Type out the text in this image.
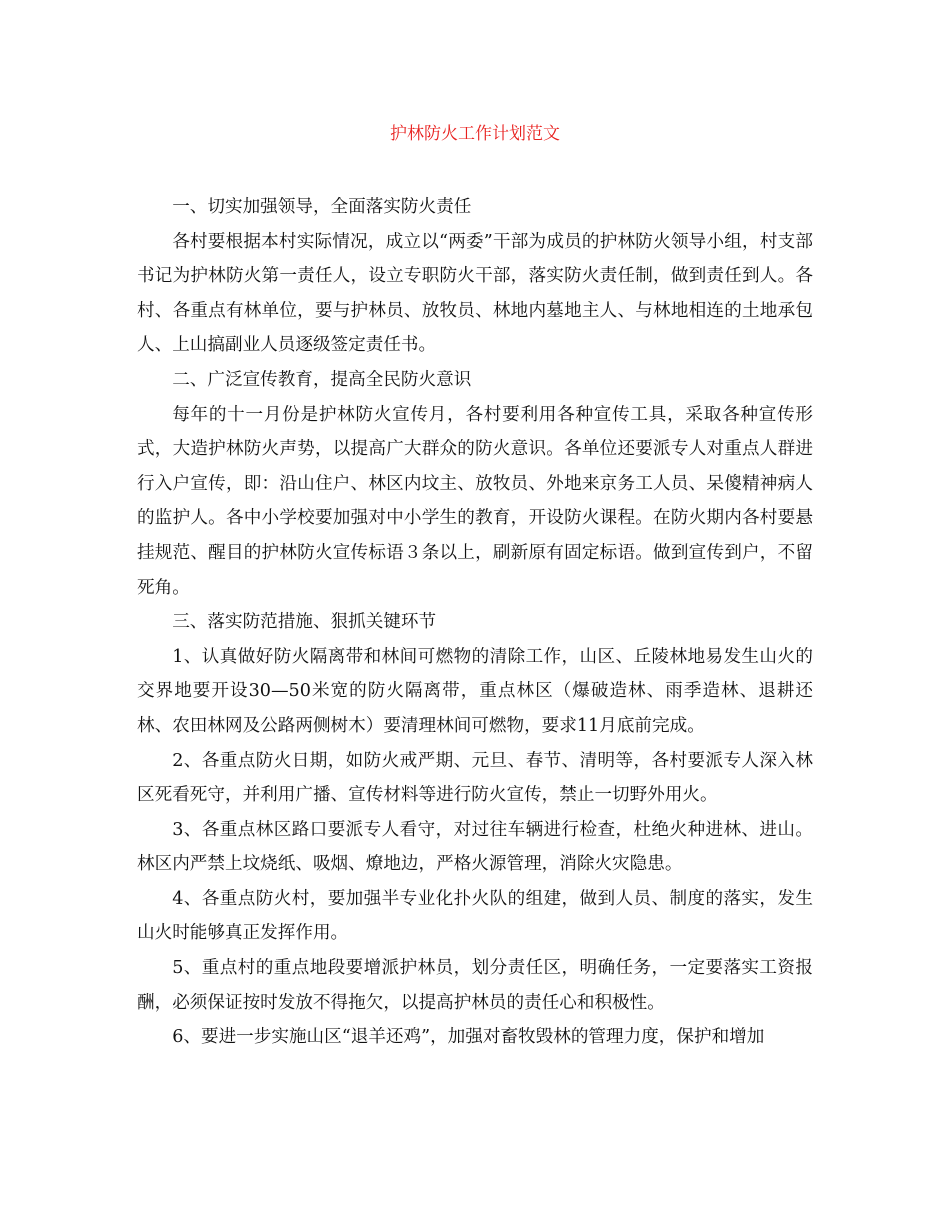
护林防火工作计划范文

一、切实加强领导，全面落实防火责任

各村要根据本村实际情况，成立以“两委”干部为成员的护林防火领导小组，村支部书记为护林防火第一责任人，设立专职防火干部，落实防火责任制，做到责任到人。各村、各重点有林单位，要与护林员、放牧员、林地内墓地主人、与林地相连的土地承包人、上山搞副业人员逐级签定责任书。

二、广泛宣传教育，提高全民防火意识

每年的十一月份是护林防火宣传月，各村要利用各种宣传工具，采取各种宣传形式，大造护林防火声势，以提高广大群众的防火意识。各单位还要派专人对重点人群进行入户宣传，即：沿山住户、林区内坟主、放牧员、外地来京务工人员、呆傻精神病人的监护人。各中小学校要加强对中小学生的教育，开设防火课程。在防火期内各村要悬挂规范、醒目的护林防火宣传标语３条以上，刷新原有固定标语。做到宣传到户，不留死角。

三、落实防范措施、狠抓关键环节

1、认真做好防火隔离带和林间可燃物的清除工作，山区、丘陵林地易发生山火的交界地要开设30—50米宽的防火隔离带，重点林区（爆破造林、雨季造林、退耕还林、农田林网及公路两侧树木）要清理林间可燃物，要求11月底前完成。

2、各重点防火日期，如防火戒严期、元旦、春节、清明等，各村要派专人深入林区死看死守，并利用广播、宣传材料等进行防火宣传，禁止一切野外用火。

3、各重点林区路口要派专人看守，对过往车辆进行检查，杜绝火种进林、进山。林区内严禁上坟烧纸、吸烟、燎地边，严格火源管理，消除火灾隐患。

4、各重点防火村，要加强半专业化扑火队的组建，做到人员、制度的落实，发生山火时能够真正发挥作用。

5、重点村的重点地段要增派护林员，划分责任区，明确任务，一定要落实工资报酬，必须保证按时发放不得拖欠，以提高护林员的责任心和积极性。

6、要进一步实施山区“退羊还鸡”，加强对畜牧毁林的管理力度，保护和增加
